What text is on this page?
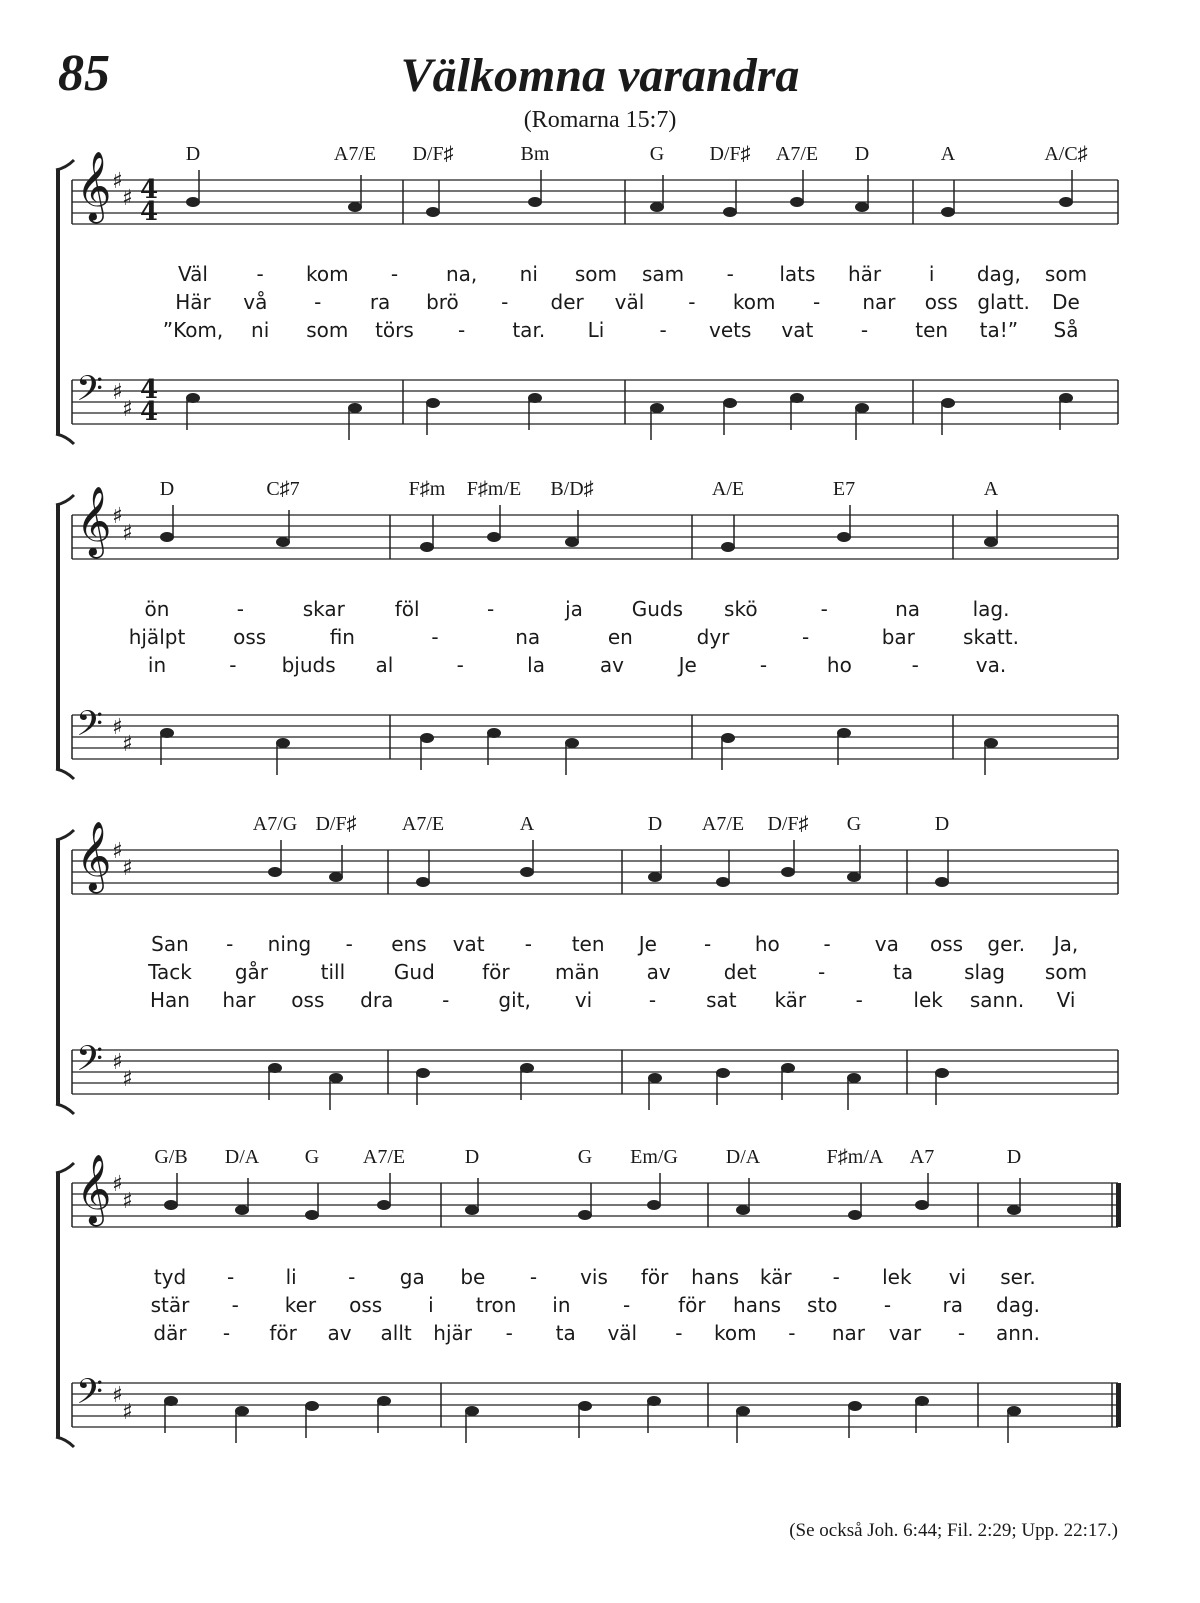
85	Välkomna varandra
(Romarna 15:7)
♯
♯
♯
♯
𝄞
𝄢
4
4
4
4
D	A7/E D/F♯	Bm	G D/F♯ A7/E D	A	A/C♯
Väl - kom - na, ni som sam - lats här i dag, som
Här vå - ra brö - der väl - kom - nar oss glatt. De
”Kom, ni som törs - tar. Li	- vets vat - ten ta!” Så
♯
♯
♯
♯
𝄞
𝄢
D	C♯7	F♯m F♯m/E B/D♯	A/E	E7	A
ön	-	skar föl	-	ja Guds skö	-	na	lag.
hjälpt oss	fin	-	na	en	dyr	-	bar skatt.
in	- bjuds al	-	la	av	Je	-	ho	-	va.
♯
♯
♯
♯
𝄞
𝄢
A7/G D/F♯ A7/E	A	D A7/E D/F♯ G	D
San - ning - ens vat - ten Je - ho - va oss ger. Ja,
Tack går	till Gud för män av	det	-	ta	slag som
Han har oss dra - git, vi	-	sat kär -	lek sann. Vi
♯
♯
♯
♯
𝄞
𝄢
G/B D/A G A7/E	D	G Em/G D/A	F♯m/A A7	D
tyd -	li	- ga be - vis för hans kär - lek vi ser.
stär - ker oss i tron in	- för hans sto -	ra dag.
där - för av allt hjär - ta väl - kom - nar var - ann.
(Se också Joh. 6:44; Fil. 2:29; Upp. 22:17.)
